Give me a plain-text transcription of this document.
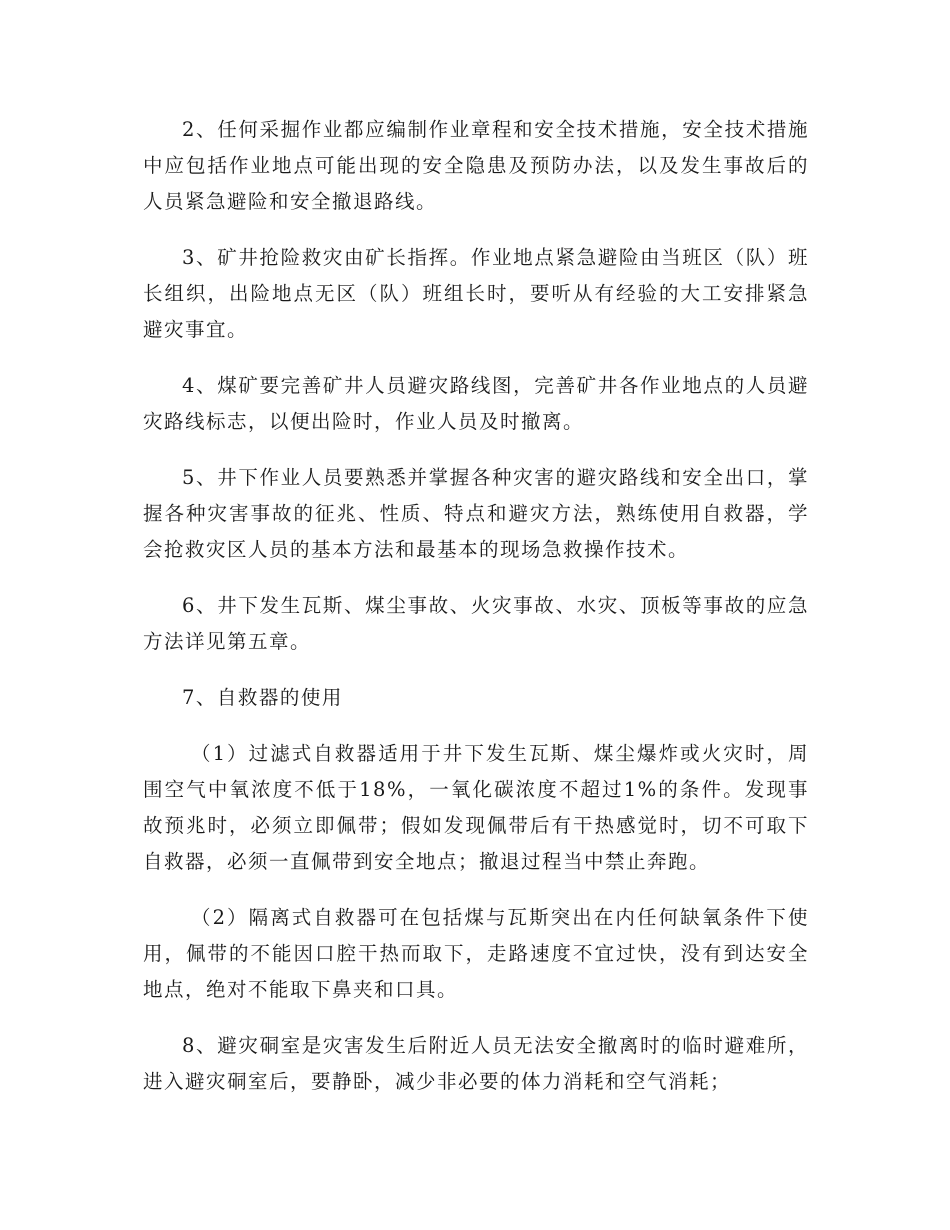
2、任何采掘作业都应编制作业章程和安全技术措施，安全技术措施中应包括作业地点可能出现的安全隐患及预防办法，以及发生事故后的人员紧急避险和安全撤退路线。

3、矿井抢险救灾由矿长指挥。作业地点紧急避险由当班区（队）班长组织，出险地点无区（队）班组长时，要听从有经验的大工安排紧急避灾事宜。

4、煤矿要完善矿井人员避灾路线图，完善矿井各作业地点的人员避灾路线标志，以便出险时，作业人员及时撤离。

5、井下作业人员要熟悉并掌握各种灾害的避灾路线和安全出口，掌握各种灾害事故的征兆、性质、特点和避灾方法，熟练使用自救器，学会抢救灾区人员的基本方法和最基本的现场急救操作技术。

6、井下发生瓦斯、煤尘事故、火灾事故、水灾、顶板等事故的应急方法详见第五章。

7、自救器的使用

（1）过滤式自救器适用于井下发生瓦斯、煤尘爆炸或火灾时，周围空气中氧浓度不低于18%，一氧化碳浓度不超过1%的条件。发现事故预兆时，必须立即佩带；假如发现佩带后有干热感觉时，切不可取下自救器，必须一直佩带到安全地点；撤退过程当中禁止奔跑。

（2）隔离式自救器可在包括煤与瓦斯突出在内任何缺氧条件下使用，佩带的不能因口腔干热而取下，走路速度不宜过快，没有到达安全地点，绝对不能取下鼻夹和口具。

8、避灾硐室是灾害发生后附近人员无法安全撤离时的临时避难所，进入避灾硐室后，要静卧，减少非必要的体力消耗和空气消耗；
